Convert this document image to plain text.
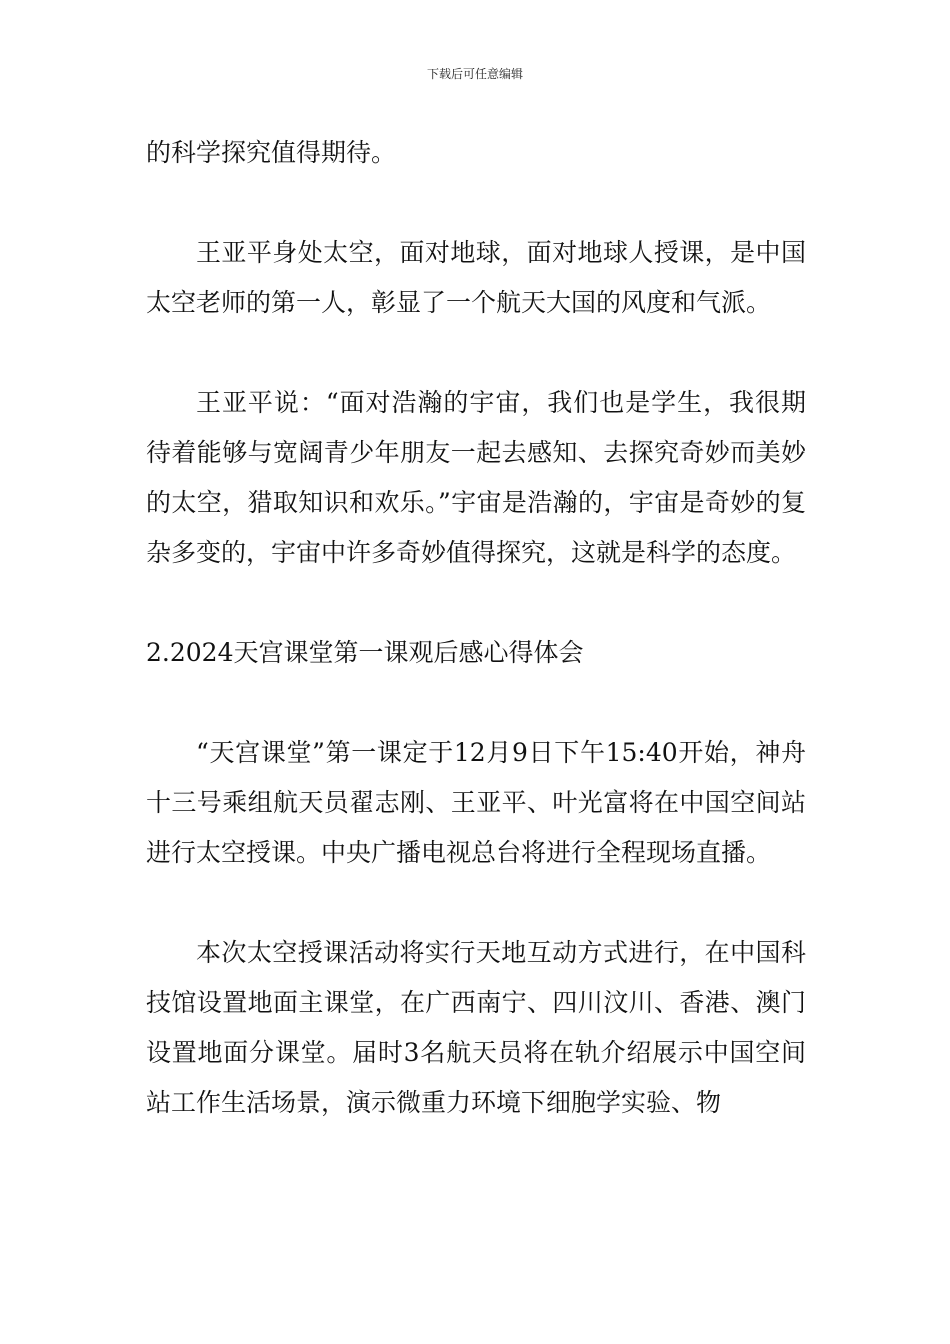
下载后可任意编辑

的科学探究值得期待。

王亚平身处太空，面对地球，面对地球人授课，是中国太空老师的第一人，彰显了一个航天大国的风度和气派。

王亚平说：“面对浩瀚的宇宙，我们也是学生，我很期待着能够与宽阔青少年朋友一起去感知、去探究奇妙而美妙的太空，猎取知识和欢乐。”宇宙是浩瀚的，宇宙是奇妙的复杂多变的，宇宙中许多奇妙值得探究，这就是科学的态度。

2.2024天宫课堂第一课观后感心得体会

“天宫课堂”第一课定于12月9日下午15:40开始，神舟十三号乘组航天员翟志刚、王亚平、叶光富将在中国空间站进行太空授课。中央广播电视总台将进行全程现场直播。

本次太空授课活动将实行天地互动方式进行，在中国科技馆设置地面主课堂，在广西南宁、四川汶川、香港、澳门设置地面分课堂。届时3名航天员将在轨介绍展示中国空间站工作生活场景，演示微重力环境下细胞学实验、物
